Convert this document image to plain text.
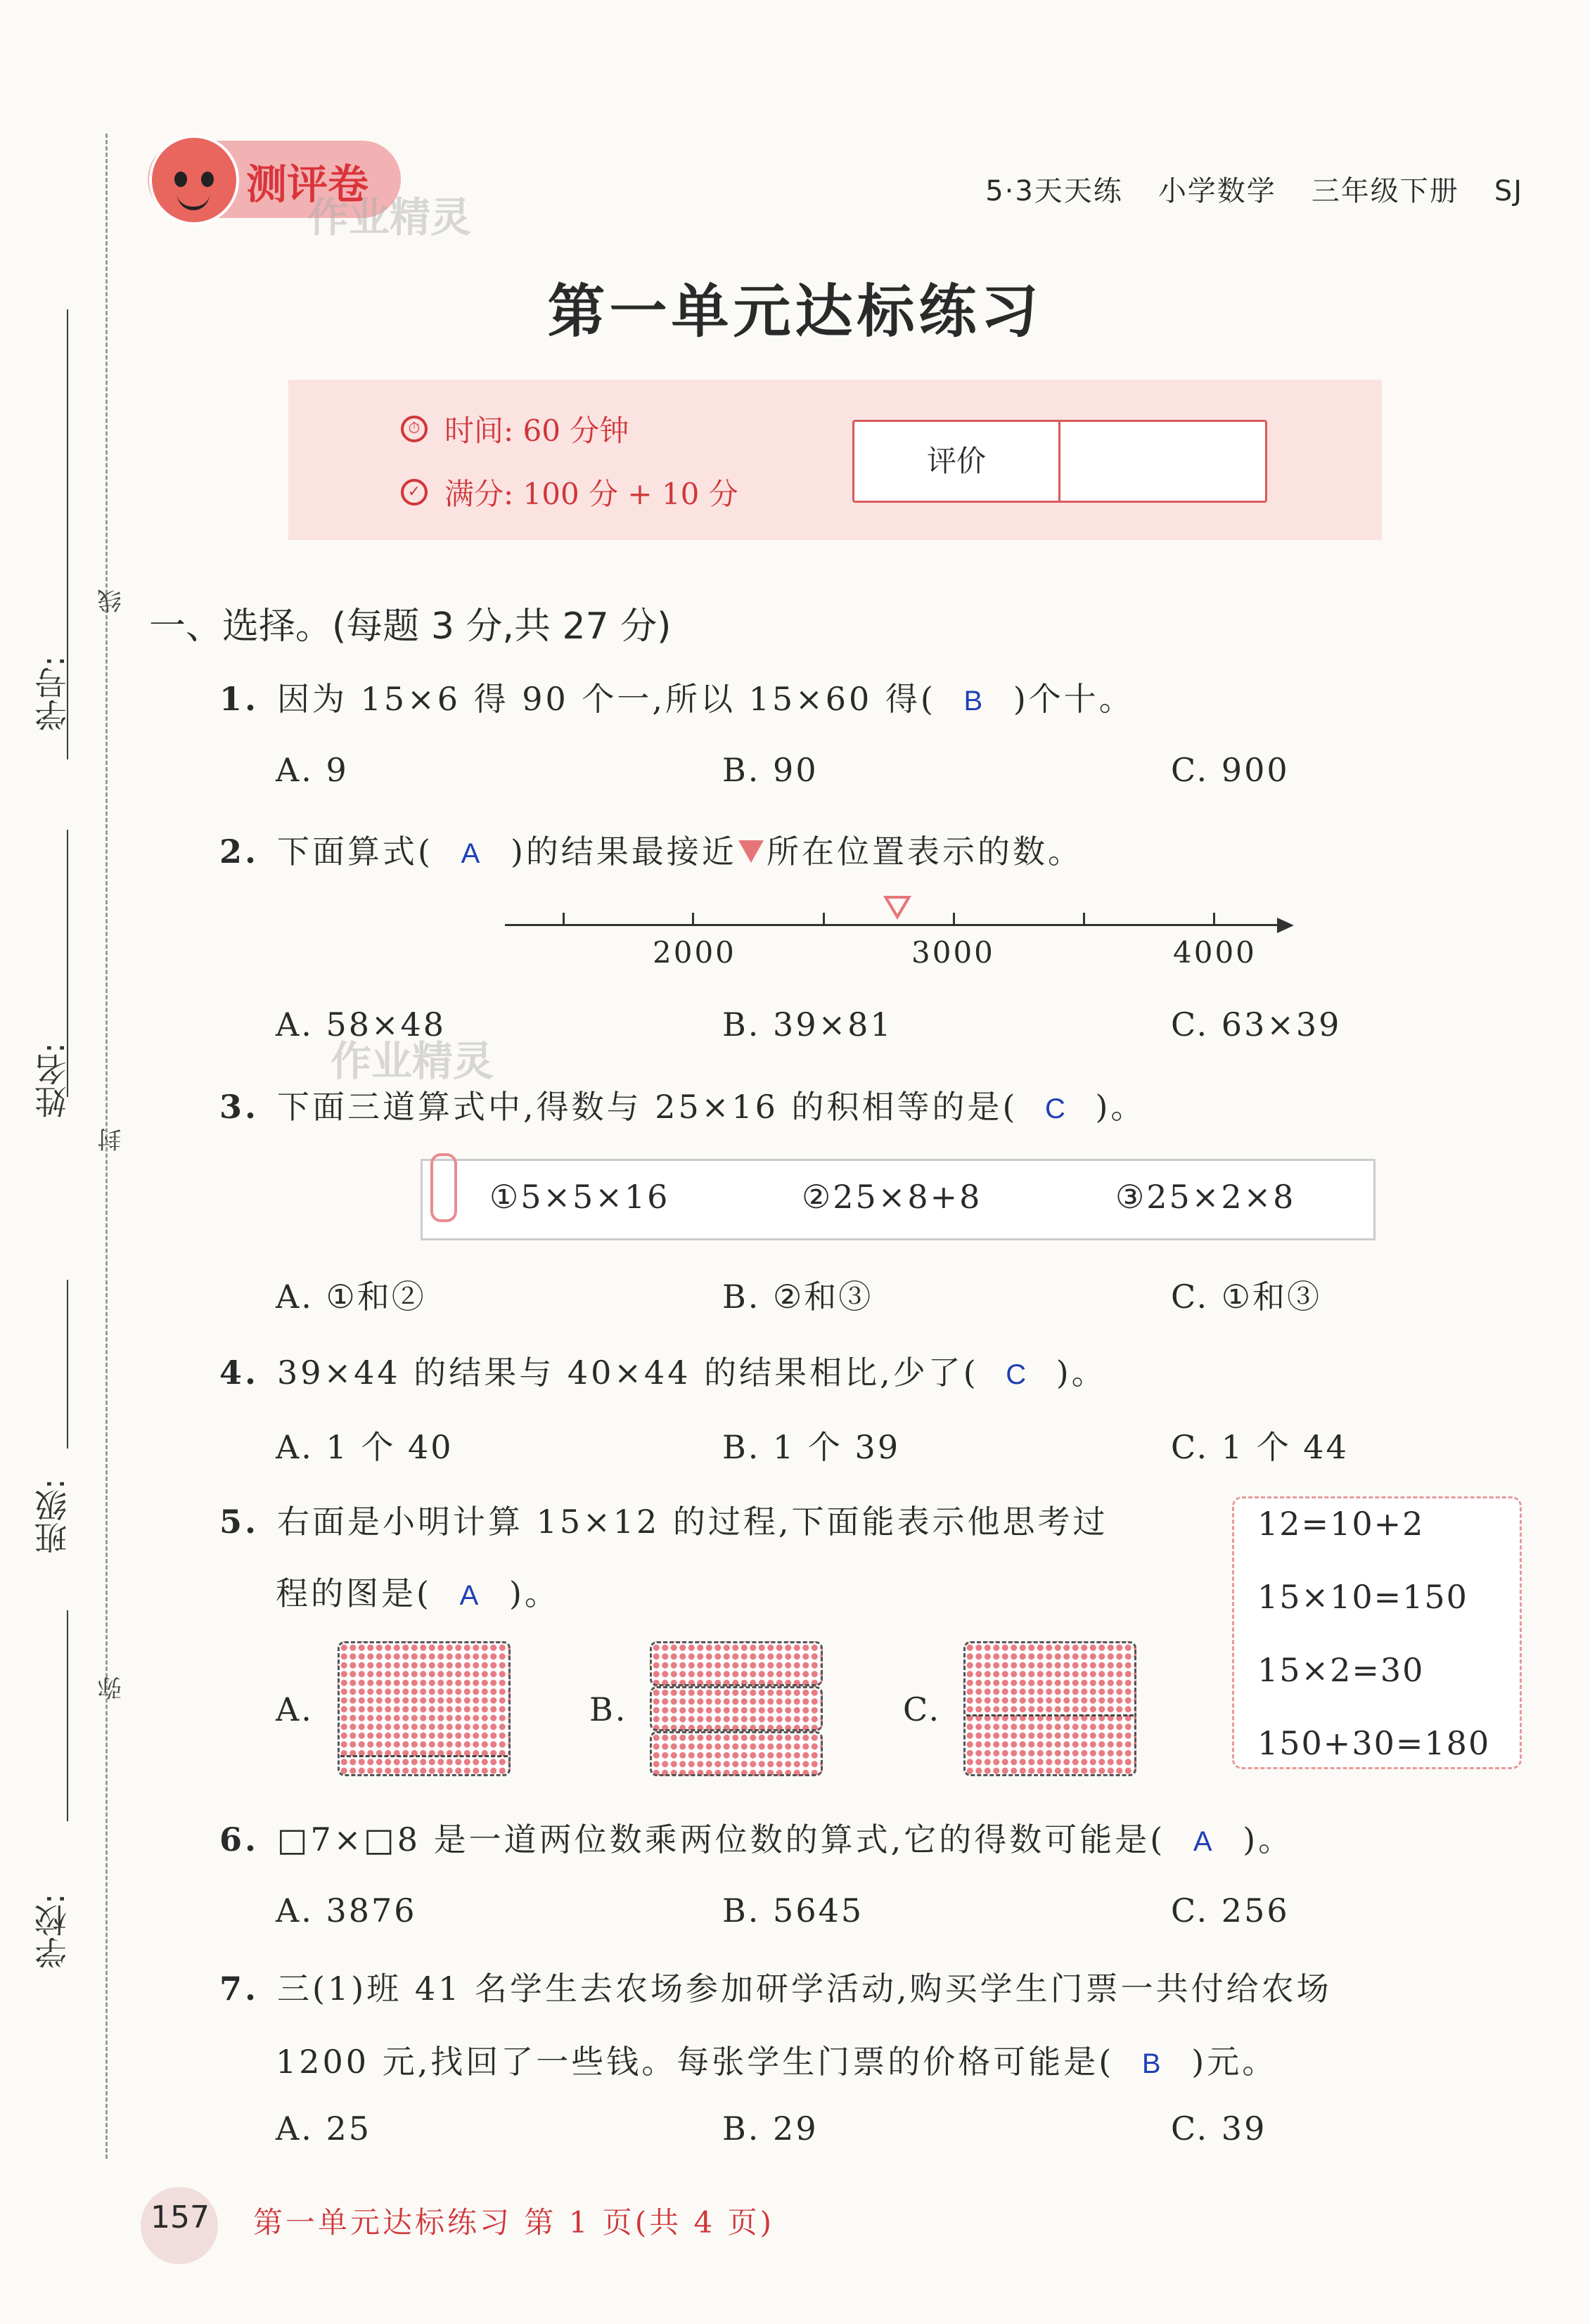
学号:
姓名:
班级:
学校:
线
封
弥
测评卷
作业精灵
5·3天天练 小学数学 三年级下册 SJ
第一单元达标练习
⏱ 时间: 60 分钟
✓ 满分: 100 分 + 10 分
评价
一、选择。(每题 3 分,共 27 分)
1. 因为 15×6 得 90 个一,所以 15×60 得( B )个十。
A. 9	B. 90	C. 900
2. 下面算式( A )的结果最接近 所在位置表示的数。
2000	3000	4000
A. 58×48	B. 39×81	C. 63×39
作业精灵
3. 下面三道算式中,得数与 25×16 的积相等的是( C )。
①5×5×16	②25×8+8	③25×2×8
A. ①和②	B. ②和③	C. ①和③
4. 39×44 的结果与 40×44 的结果相比,少了( C )。
A. 1 个 40	B. 1 个 39	C. 1 个 44
5. 右面是小明计算 15×12 的过程,下面能表示他思考过
程的图是( A )。
12=10+2
15×10=150
15×2=30
150+30=180
A.	B.	C.
6. □7×□8 是一道两位数乘两位数的算式,它的得数可能是( A )。
A. 3876	B. 5645	C. 256
7. 三(1)班 41 名学生去农场参加研学活动,购买学生门票一共付给农场
1200 元,找回了一些钱。每张学生门票的价格可能是( B )元。
A. 25	B. 29	C. 39
157 第一单元达标练习 第 1 页(共 4 页)
